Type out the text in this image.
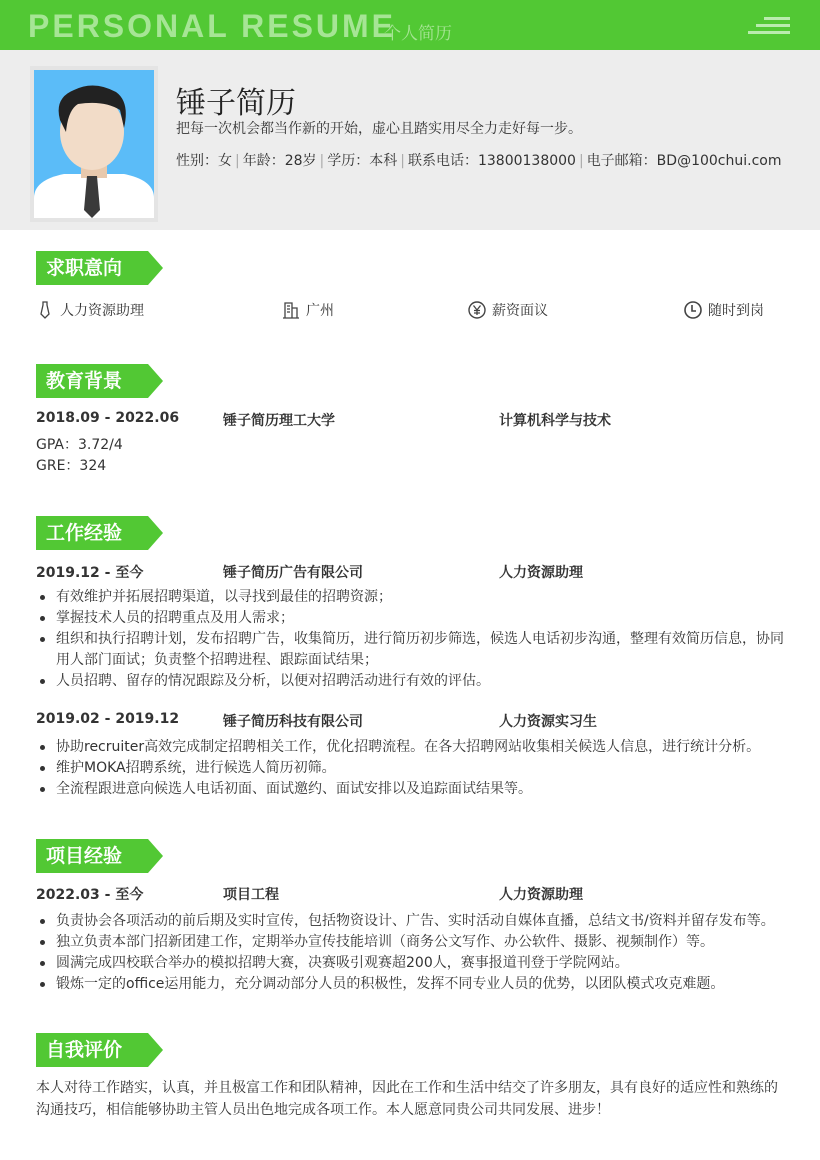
PERSONAL RESUME
个人简历
锤子简历
把每一次机会都当作新的开始，虚心且踏实用尽全力走好每一步。
性别：女 | 年龄：28岁 | 学历：本科 | 联系电话：13800138000 | 电子邮箱：BD@100chui.com
求职意向
人力资源助理	广州	薪资面议	随时到岗
教育背景
2018.09 - 2022.06	锤子简历理工大学	计算机科学与技术
GPA：3.72/4
GRE：324
工作经验
2019.12 - 至今	锤子简历广告有限公司	人力资源助理
有效维护并拓展招聘渠道，以寻找到最佳的招聘资源；
掌握技术人员的招聘重点及用人需求；
组织和执行招聘计划，发布招聘广告，收集简历，进行简历初步筛选，候选人电话初步沟通，整理有效简历信息，协同用人部门面试；负责整个招聘进程、跟踪面试结果；
人员招聘、留存的情况跟踪及分析，以便对招聘活动进行有效的评估。
2019.02 - 2019.12	锤子简历科技有限公司	人力资源实习生
协助recruiter高效完成制定招聘相关工作，优化招聘流程。在各大招聘网站收集相关候选人信息，进行统计分析。
维护MOKA招聘系统，进行候选人简历初筛。
全流程跟进意向候选人电话初面、面试邀约、面试安排以及追踪面试结果等。
项目经验
2022.03 - 至今	项目工程	人力资源助理
负责协会各项活动的前后期及实时宣传，包括物资设计、广告、实时活动自媒体直播，总结文书/资料并留存发布等。
独立负责本部门招新团建工作，定期举办宣传技能培训（商务公文写作、办公软件、摄影、视频制作）等。
圆满完成四校联合举办的模拟招聘大赛，决赛吸引观赛超200人，赛事报道刊登于学院网站。
锻炼一定的office运用能力，充分调动部分人员的积极性，发挥不同专业人员的优势，以团队模式攻克难题。
自我评价
本人对待工作踏实，认真，并且极富工作和团队精神，因此在工作和生活中结交了许多朋友，具有良好的适应性和熟练的沟通技巧，相信能够协助主管人员出色地完成各项工作。本人愿意同贵公司共同发展、进步！
